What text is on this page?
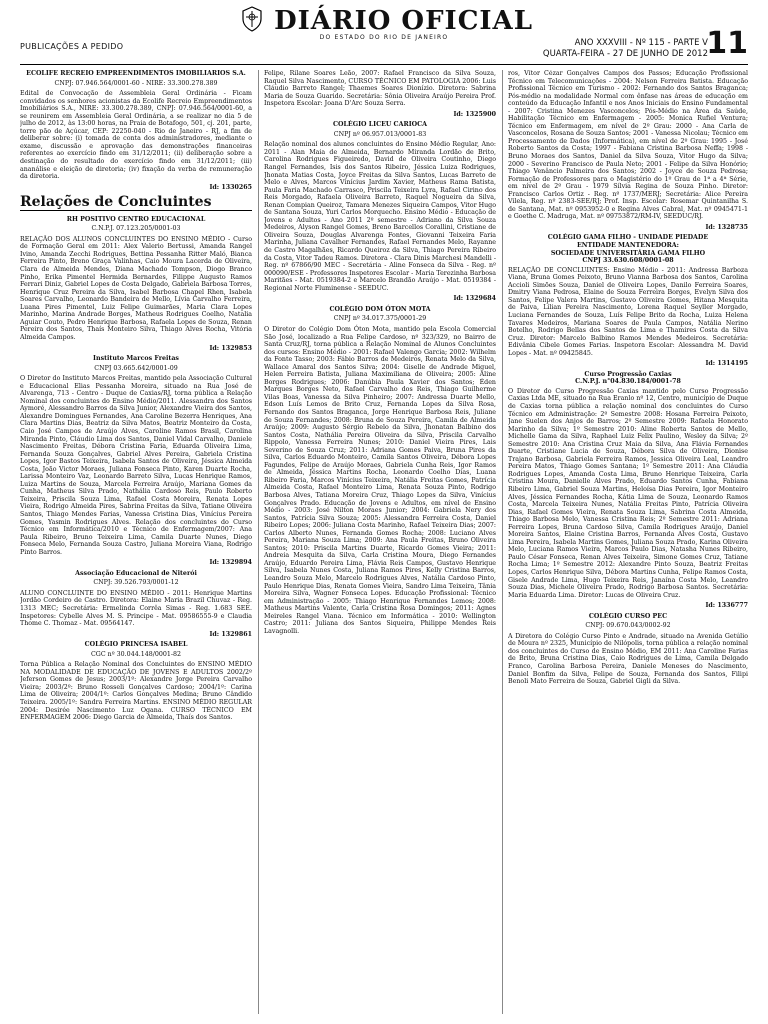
PUBLICAÇÕES A PEDIDO
DIÁRIO OFICIAL
DO ESTADO DO RIO DE JANEIRO
ANO XXXVIII - Nº 115 - PARTE V
QUARTA-FEIRA - 27 DE JUNHO DE 2012
11
ECOLIFE RECREIO EMPREENDIMENTOS IMOBILIÁRIOS S.A.
CNPJ: 07.946.564/0001-60 - NIRE: 33.300.278.389

Edital de Convocação de Assembleia Geral Ordinária - Ficam convidados os senhores acionistas da Ecolife Recreio Empreendimentos Imobiliários S.A., NIRE: 33.300.278.389, CNPJ: 07.946.564/0001-60, a se reunirem em Assembleia Geral Ordinária, a se realizar no dia 5 de julho de 2012, às 13:00 horas, na Praia de Botafogo, 501, cj. 201, parte, torre pão de Açúcar, CEP: 22250-040 - Rio de Janeiro - RJ, a fim de deliberar sobre: (i) tomada de conta dos administradores, mediante o exame, discussão e aprovação das demonstrações financeiras referentes ao exercício findo em 31/12/2011; (ii) deliberação sobre a destinação do resultado do exercício findo em 31/12/2011; (iii) ananálise e eleição de diretoria; (iv) fixação da verba de remuneração da diretoria.

Id: 1330265
Relações de Concluintes
RH POSITIVO CENTRO EDUCACIONAL
C.N.P.J. 07.123.205/0001-03

RELAÇÃO DOS ALUNOS CONCLUINTES DO ENSINO MÉDIO - Curso de Formação Geral em 2011: Alex Valerio Bertussi, Amanda Rangel Ivino, Amanda Zecchi Rodrigues, Bettina Pessanha Ritter Maló, Bianca Ferreira Pinto, Breno Graça Valinhas, Caio Moura Lacerda de Oliveira, Clara de Almeida Mendes, Diana Machado Tompson, Diogo Branco Pinho, Erika Pimentel Hermida Bernardes, Filippe Augusto Ramos Ferrari Diniz, Gabriel Lopes de Costa Delgado, Gabriela Barbosa Torres, Henrique Cruz Pereira da Silva, Isabel Barbosa Chapel Rhen, Isabela Soares Carvalho, Leonardo Bandeira de Mello, Lívia Carvalho Ferreira, Luana Pires Pimentel, Luiz Felipe Guimarães, Maria Clara Lopes Marinho, Marina Andrade Borges, Matheus Rodrigues Coelho, Natalia Aguiar Couto, Pedro Henrique Barbosa, Rafaela Lopes de Souza, Renan Pereira dos Santos, Thaís Monteiro Silva, Thiago Alves Rocha, Vitória Almeida Campos.

Id: 1329853
Instituto Marcos Freitas
CNPJ 03.665.642/0001-09

O Diretor do Instituto Marcos Freitas, mantido pela Associação Cultural e Educacional Elias Pessanha Moreira, situado na Rua José de Alvarenga, 713 - Centro - Duque de Caxias/RJ, torna pública a Relação Nominal dos concluintes do Ensino Médio/2011. Alessandra dos Santos Aymoré, Alessandro Barros da Silva Junior, Alexandre Vieira dos Santos, Alexandre Domingues Fernandes, Ana Caroline Bezerra Henriques, Ana Clara Martins Dias, Beatriz da Silva Matos, Beatriz Monteiro da Costa, Caio José Campos de Araújo Alves, Caroline Ramos Brasil, Carolina Miranda Pinto, Cláudio Lima dos Santos, Daniel Vidal Carvalho, Daniele Nascimento Freitas, Débora Cristina Faria, Eduarda Oliveira Lima, Fernanda Souza Gonçalves, Gabriel Alves Pereira, Gabriela Cristina Lopes, Igor Bastos Teixeira, Isabela Santos de Oliveira, Jéssica Almeida Costa, João Victor Moraes, Juliana Fonseca Pinto, Karen Duarte Rocha, Larissa Monteiro Vaz, Leonardo Barreto Silva, Lucas Henrique Ramos, Luiza Martins de Souza, Marcela Ferreira Araújo, Mariana Gomes da Cunha, Matheus Silva Prado, Nathália Cardoso Reis, Paulo Roberto Teixeira, Priscila Souza Lima, Rafael Costa Moreira, Renata Lopes Vieira, Rodrigo Almeida Pires, Sabrina Freitas da Silva, Tatiane Oliveira Santos, Thiago Mendes Farias, Vanessa Cristina Dias, Vinícius Pereira Gomes, Yasmin Rodrigues Alves. Relação dos concluintes do Curso Técnico em Informática/2010 e Técnico de Enfermagem/2007: Ana Paula Ribeiro, Bruno Teixeira Lima, Camila Duarte Nunes, Diego Fonseca Melo, Fernanda Souza Castro, Juliana Moreira Viana, Rodrigo Pinto Barros.

Id: 1329894
Associação Educacional de Niterói
CNPJ: 39.526.793/0001-12

ALUNO CONCLUINTE DO ENSINO MÉDIO - 2011: Henrique Martins Jordão Cordeiro de Castro. Diretora: Elaine Maria Brazil Chuvaz - Reg. 1313 MEC; Secretária: Ermelinda Corrêa Simas - Reg. 1.683 SEE. Inspetores: Cybelle Alves M. S. Principe - Mat. 09586555-9 e Claudia Thome C. Thomaz - Mat. 09564147.

Id: 1329861
COLÉGIO PRINCESA ISABEL
CGC nº 30.044.148/0001-82

Torna Pública a Relação Nominal dos Concluintes do ENSINO MÉDIO NA MODALIDADE DE EDUCAÇÃO DE JOVENS E ADULTOS 2002/2º Jeferson Gomes de Jesus; 2003/1º: Alexandre Jorge Pereira Carvalho Vieira; 2003/2º: Bruno Rosseli Gonçalves Cardoso; 2004/1º: Carina Lima de Oliveira; 2004/1º: Carlos Gonçalves Medina; Bruno Cândido Teixeira. 2005/1º: Sandra Ferreira Martins. ENSINO MÉDIO REGULAR 2004: Desirée Nascimento Luz Ogana. CURSO TÉCNICO EM ENFERMAGEM 2006: Diego Garcia de Almeida, Thaís dos Santos.

Felipe, Rilane Soares Leão, 2007: Rafael Francisco da Silva Souza, Raquel Silva Nascimento, CURSO TÉCNICO EM PATOLOGIA 2006: Luis Cláudio Barreto Rangel; Thaemes Soares Dionízio. Diretora: Sabrina Maria de Souza Guarido. Secretária: Sônia Oliveira Araújo Pereira Prof. Inspetora Escolar: Joana D'Arc Souza Serra.

Id: 1325900
COLÉGIO LICEU CARIOCA
CNPJ nº 06.957.013/0001-83

Relação nominal dos alunos concluintes do Ensino Médio Regular, Ano: 2011 - Alan Maia de Almeida, Bernardo Miranda Lordão de Brito, Carolina Rodrigues Figueiredo, David de Oliveira Coutinho, Diego Rangel Fernandes, Isis dos Santos Ribeiro, Jéssica Luiza Rodrigues, Jhonata Matias Costa, Joyce Freitas da Silva Santos, Lucas Barreto de Melo e Alves, Marcos Vinícius Jardim Xavier, Matheus Rama Batista, Paula Faria Machado Carrasco, Priscila Teixeira Lyra, Rafael Cirino dos Reis Morgado, Rafaela Oliveira Barreto, Raquel Nogueira da Silva, Renan Compian Queiroz, Tamara Menezes Siqueira Campos, Vitor Hugo de Santana Souza, Yuri Carlos Morquecho. Ensino Médio - Educação de Jovens e Adultos - Ano 2011 2º semestre - Adriano da Silva Souza Medeiros, Alyson Rangel Gomes, Breno Barcellos Corallini, Cristiane de Oliveira Souza, Douglas Alvarenga Fontes, Giovanni Teixeira Faria Marinha, Juliana Cavalher Fernandes, Rafael Fernandes Melo, Rayanne de Castro Magalhães, Ricardo Queiroz da Silva, Thiago Pereira Ribeiro da Costa, Vitor Tadeu Ramos. Diretora - Clara Dinis Marchesi Mandelli - Reg. nº 67866/90 MEC - Secretária - Aline Fonseca da Silva - Reg. nº 000090/ESE - Professores Inspetores Escolar - Maria Terezinha Barbosa Maritães - Mat. 0519384-2 e Marcelo Brandão Araújo - Mat. 0519384 - Regional Norte Fluminense - SEEDUC.

Id: 1329684
COLÉGIO DOM ÓTON MOTA
CNPJ nº 34.017.375/0001-29

O Diretor do Colégio Dom Óton Mota, mantido pela Escola Comercial São José, localizado a Rua Felipe Cardoso, nº 323/329, no Bairro de Santa Cruz/RJ, torna pública a Relação Nominal de Alunos Concluintes dos cursos: Ensino Médio - 2001: Rafael Valengo Garcia; 2002: Wilhelm da Fonte Tasso; 2003: Fábio Barros de Medeiros, Renata Melo da Silva, Wallace Amaral dos Santos Silva; 2004: Giselle de Andrade Miguel, Helen Ferreira Batista, Juliana Maximiliana de Oliveira; 2005: Aline Borges Rodrigues; 2006: Danúbia Paula Xavier dos Santos; Éden Marques Borges Neto, Rafael Carvalho dos Reis, Thiago Guilherme Vilas Boas, Vanessa da Silva Pinheiro; 2007: Andressa Duarte Mello, Edson Luís Lemos de Brito Cruz, Fernanda Lopes da Silva Rosa, Fernando dos Santos Braganca, Jorge Henrique Barbosa Reis, Juliane de Souza Fernandes; 2008: Bruna de Souza Pereira, Camila de Almeida Araújo; 2009: Augusto Sérgio Rebelo da Silva, Jhonatan Balbino dos Santos Costa, Nathália Pereira Oliveira da Silva, Priscila Carvalho Rippolo, Vanessa Ferreira Nunes; 2010: Daniel Vieira Pires, Lais Severino de Souza Cruz; 2011: Adriana Gomes Paiva, Bruna Pires da Silva, Carlos Eduardo Monteiro, Camila Santos Oliveira, Débora Lopes Fagundes, Felipe de Araújo Moraes, Gabriela Cunha Reis, Igor Ramos de Almeida, Jéssica Martins Rocha, Leonardo Coelho Dias, Luana Ribeiro Faria, Marcos Vinícius Teixeira, Natália Freitas Gomes, Patrícia Almeida Costa, Rafael Monteiro Lima, Renata Souza Pinto, Rodrigo Barbosa Alves, Tatiana Moreira Cruz, Thiago Lopes da Silva, Vinícius Gonçalves Prado. Educação de Jovens e Adultos, em nível de Ensino Médio - 2003: José Nilton Moraes Junior; 2004: Gabriela Nery dos Santos, Patrícia Silva Souza; 2005: Alessandra Ferreira Costa, Daniel Ribeiro Lopes; 2006: Juliana Costa Marinho, Rafael Teixeira Dias; 2007: Carlos Alberto Nunes, Fernanda Gomes Rocha; 2008: Luciano Alves Pereira, Mariana Souza Lima; 2009: Ana Paula Freitas, Bruno Oliveira Santos; 2010: Priscila Martins Duarte, Ricardo Gomes Vieira; 2011: Andreia Mesquita da Silva, Carla Cristina Moura, Diego Fernandes Araújo, Eduardo Pereira Lima, Flávia Reis Campos, Gustavo Henrique Silva, Isabela Nunes Costa, Juliana Ramos Pires, Kelly Cristina Barros, Leandro Souza Melo, Marcelo Rodrigues Alves, Natália Cardoso Pinto, Paulo Henrique Dias, Renata Gomes Vieira, Sandro Lima Teixeira, Tânia Moreira Silva, Wagner Fonseca Lopes. Educação Profissional: Técnico em Administração - 2005: Thiago Henrique Fernandes Lemos; 2008: Matheus Martins Valente, Carla Cristina Rosa Domingos; 2011: Agnes Meireles Rangel Viana. Técnico em Informática - 2010: Wellington Castro; 2011: Juliana dos Santos Siqueira, Philippe Mendes Reis Lavagnolli.

ros, Vítor Cézar Gonçalves Campos dos Passos; Educação Profissional Técnico em Telecomunicações - 2004: Nelson Ferreira Batista. Educação Profissional Técnico em Turismo - 2002: Fernando dos Santos Braganca; Pós-médio na modalidade Normal com ênfase nas áreas de educação em conteúdo da Educação Infantil e nos Anos Iniciais do Ensino Fundamental - 2007: Cristina Menezes Vasconcelos; Pós-Médio na Área da Saúde, Habilitação Técnico em Enfermagem - 2005: Monica Rufiel Ventura; Técnico em Enfermagem, em nível de 2º Grau: 2000 - Ana Carla de Vasconcelos, Rosana de Souza Santos; 2001 - Vanessa Nicolau; Técnico em Processamento de Dados (Informática), em nível de 2º Grau: 1995 - José Roberto Santos da Costa; 1997 - Fabiana Cristina Barbosa Neffa; 1998 - Bruno Moraes dos Santos, Daniel da Silva Souza, Vitor Hugo da Silva; 2000 - Severino Francisco de Paula Neto; 2001 - Felipe da Silva Honório; Thiago Venâncio Palmeira dos Santos; 2002 - Joyce de Souza Pedrosa; Formação de Professores para o Magistério do 1º Grau de 1ª a 4ª Série, em nível de 2º Grau - 1979 Sílvia Regina de Souza Pinho. Diretor: Francisco Carlos Ortiz - Reg. nº 1737/MERJ; Secretária: Alice Pereira Vilela, Reg. nº 2383-SEE/RJ; Prof. Insp. Escolar: Rosemar Quintanilha S. de Santana, Mat. nº 0953952-0 e Regina Alves Cabral, Mat. nº 0945471-1 e Goethe C. Madruga, Mat. nº 09753872/RM-IV, SEEDUC/RJ.

Id: 1328735
COLÉGIO GAMA FILHO - UNIDADE PIEDADE
ENTIDADE MANTENEDORA:
SOCIEDADE UNIVERSITÁRIA GAMA FILHO
CNPJ 33.630.608/0001-08

RELAÇÃO DE CONCLUINTES: Ensino Médio - 2011: Andressa Barboza Viana, Bruna Gomes Peixoto, Bruno Vianna Barbosa dos Santos, Carolina Accioli Simões Souza, Daniel de Oliveira Lopes, Danilo Ferreira Soares, Dmitry Viana Pedrosa, Elaine de Souza Ferreira Borges, Evelyn Silva dos Santos, Felipe Valera Martins, Gustavo Oliveira Gomes, Hitana Mesquita de Paiva, Lilian Pereira Nascimento, Lorena Raquel Seyller Morgado, Luciana Fernandes de Souza, Luís Felipe Brito da Rocha, Luiza Helena Tavares Medeiros, Mariana Soares de Paula Campos, Natália Nerino Botelho, Rodrigo Bellas dos Santos de Lima e Thamires Costa da Silva Cruz. Diretor: Marcelo Balbino Ramos Mendes Medeiros. Secretária: Edivânia Cibele Gomes Farias. Inspetora Escolar: Alessandra M. David Lopes - Mat. nº 09425845.

Id: 1314195
Curso Progressão Caxias
C.N.P.J. n°04.830.184/0001-78

O Diretor do Curso Progressão Caxias mantido pelo Curso Progressão Caxias Ltda ME, situado na Rua Eranlo nº 12, Centro, município de Duque de Caxias torna pública a relação nominal dos concluintes do Curso Técnico em Administração: 2º Semestre 2008: Hosana Ferreira Peixoto, Jane Suelen dos Anjos de Barros; 2º Semestre 2009: Rafaela Honorato Marinho da Silva; 1º Semestre 2010: Aline Roberta Santos de Mello, Michelle Gama da Silva, Raphael Luiz Felix Paulino, Wesley da Silva; 2º Semestre 2010: Ana Cristina Cruz Maia da Silva, Ana Flávia Fernandes Duarte, Cristiane Lucia de Souza, Débora Silva de Oliveira, Dionise Trajano Barbosa, Gabriela Ferreira Ramos, Jessica Oliveira Leal, Leandro Pereira Matos, Thiago Gomes Santana; 1º Semestre 2011: Ana Cláudia Rodrigues Lopes, Amanda Costa Lima, Bruno Henrique Teixeira, Carla Cristina Moura, Danielle Alves Prado, Eduardo Santos Cunha, Fabiana Ribeiro Lima, Gabriel Souza Martins, Heloísa Dias Pereira, Igor Monteiro Alves, Jéssica Fernandes Rocha, Kátia Lima de Souza, Leonardo Ramos Costa, Marcela Teixeira Nunes, Natália Freitas Pinto, Patrícia Oliveira Dias, Rafael Gomes Vieira, Renata Souza Lima, Sabrina Costa Almeida, Thiago Barbosa Melo, Vanessa Cristina Reis; 2º Semestre 2011: Adriana Ferreira Lopes, Bruna Cardoso Silva, Camila Rodrigues Araújo, Daniel Moreira Santos, Elaine Cristina Barros, Fernanda Alves Costa, Gustavo Lima Pereira, Isabela Martins Gomes, Juliana Souza Prado, Karina Oliveira Melo, Luciana Ramos Vieira, Marcos Paulo Dias, Natasha Nunes Ribeiro, Paulo César Fonseca, Renan Alves Teixeira, Simone Gomes Cruz, Tatiane Rocha Lima; 1º Semestre 2012: Alexandre Pinto Souza, Beatriz Freitas Lopes, Carlos Henrique Silva, Débora Martins Cunha, Felipe Ramos Costa, Gisele Andrade Lima, Hugo Teixeira Reis, Janaína Costa Melo, Leandro Souza Dias, Michele Oliveira Prado, Rodrigo Barbosa Santos. Secretária: Maria Eduarda Lima. Diretor: Lucas de Oliveira Cruz.

Id: 1336777
COLÉGIO CURSO PEC
CNPJ: 09.670.043/0002-92

A Diretora do Colégio Curso Pinto e Andrade, situado na Avenida Getúlio de Moura nº 2325, Município de Nilópolis, torna pública a relação nominal dos concluintes do Curso de Ensino Médio, EM 2011: Ana Caroline Farias de Brito, Bruna Cristina Dias, Caio Rodrigues de Lima, Camila Delgado Franco, Carolina Barbosa Pereira, Daniele Meneses do Nascimento, Daniel Bonfim da Silva, Felipe de Souza, Fernanda dos Santos, Filipi Benoli Mato Ferreira de Souza, Gabriel Gigli da Silva.
